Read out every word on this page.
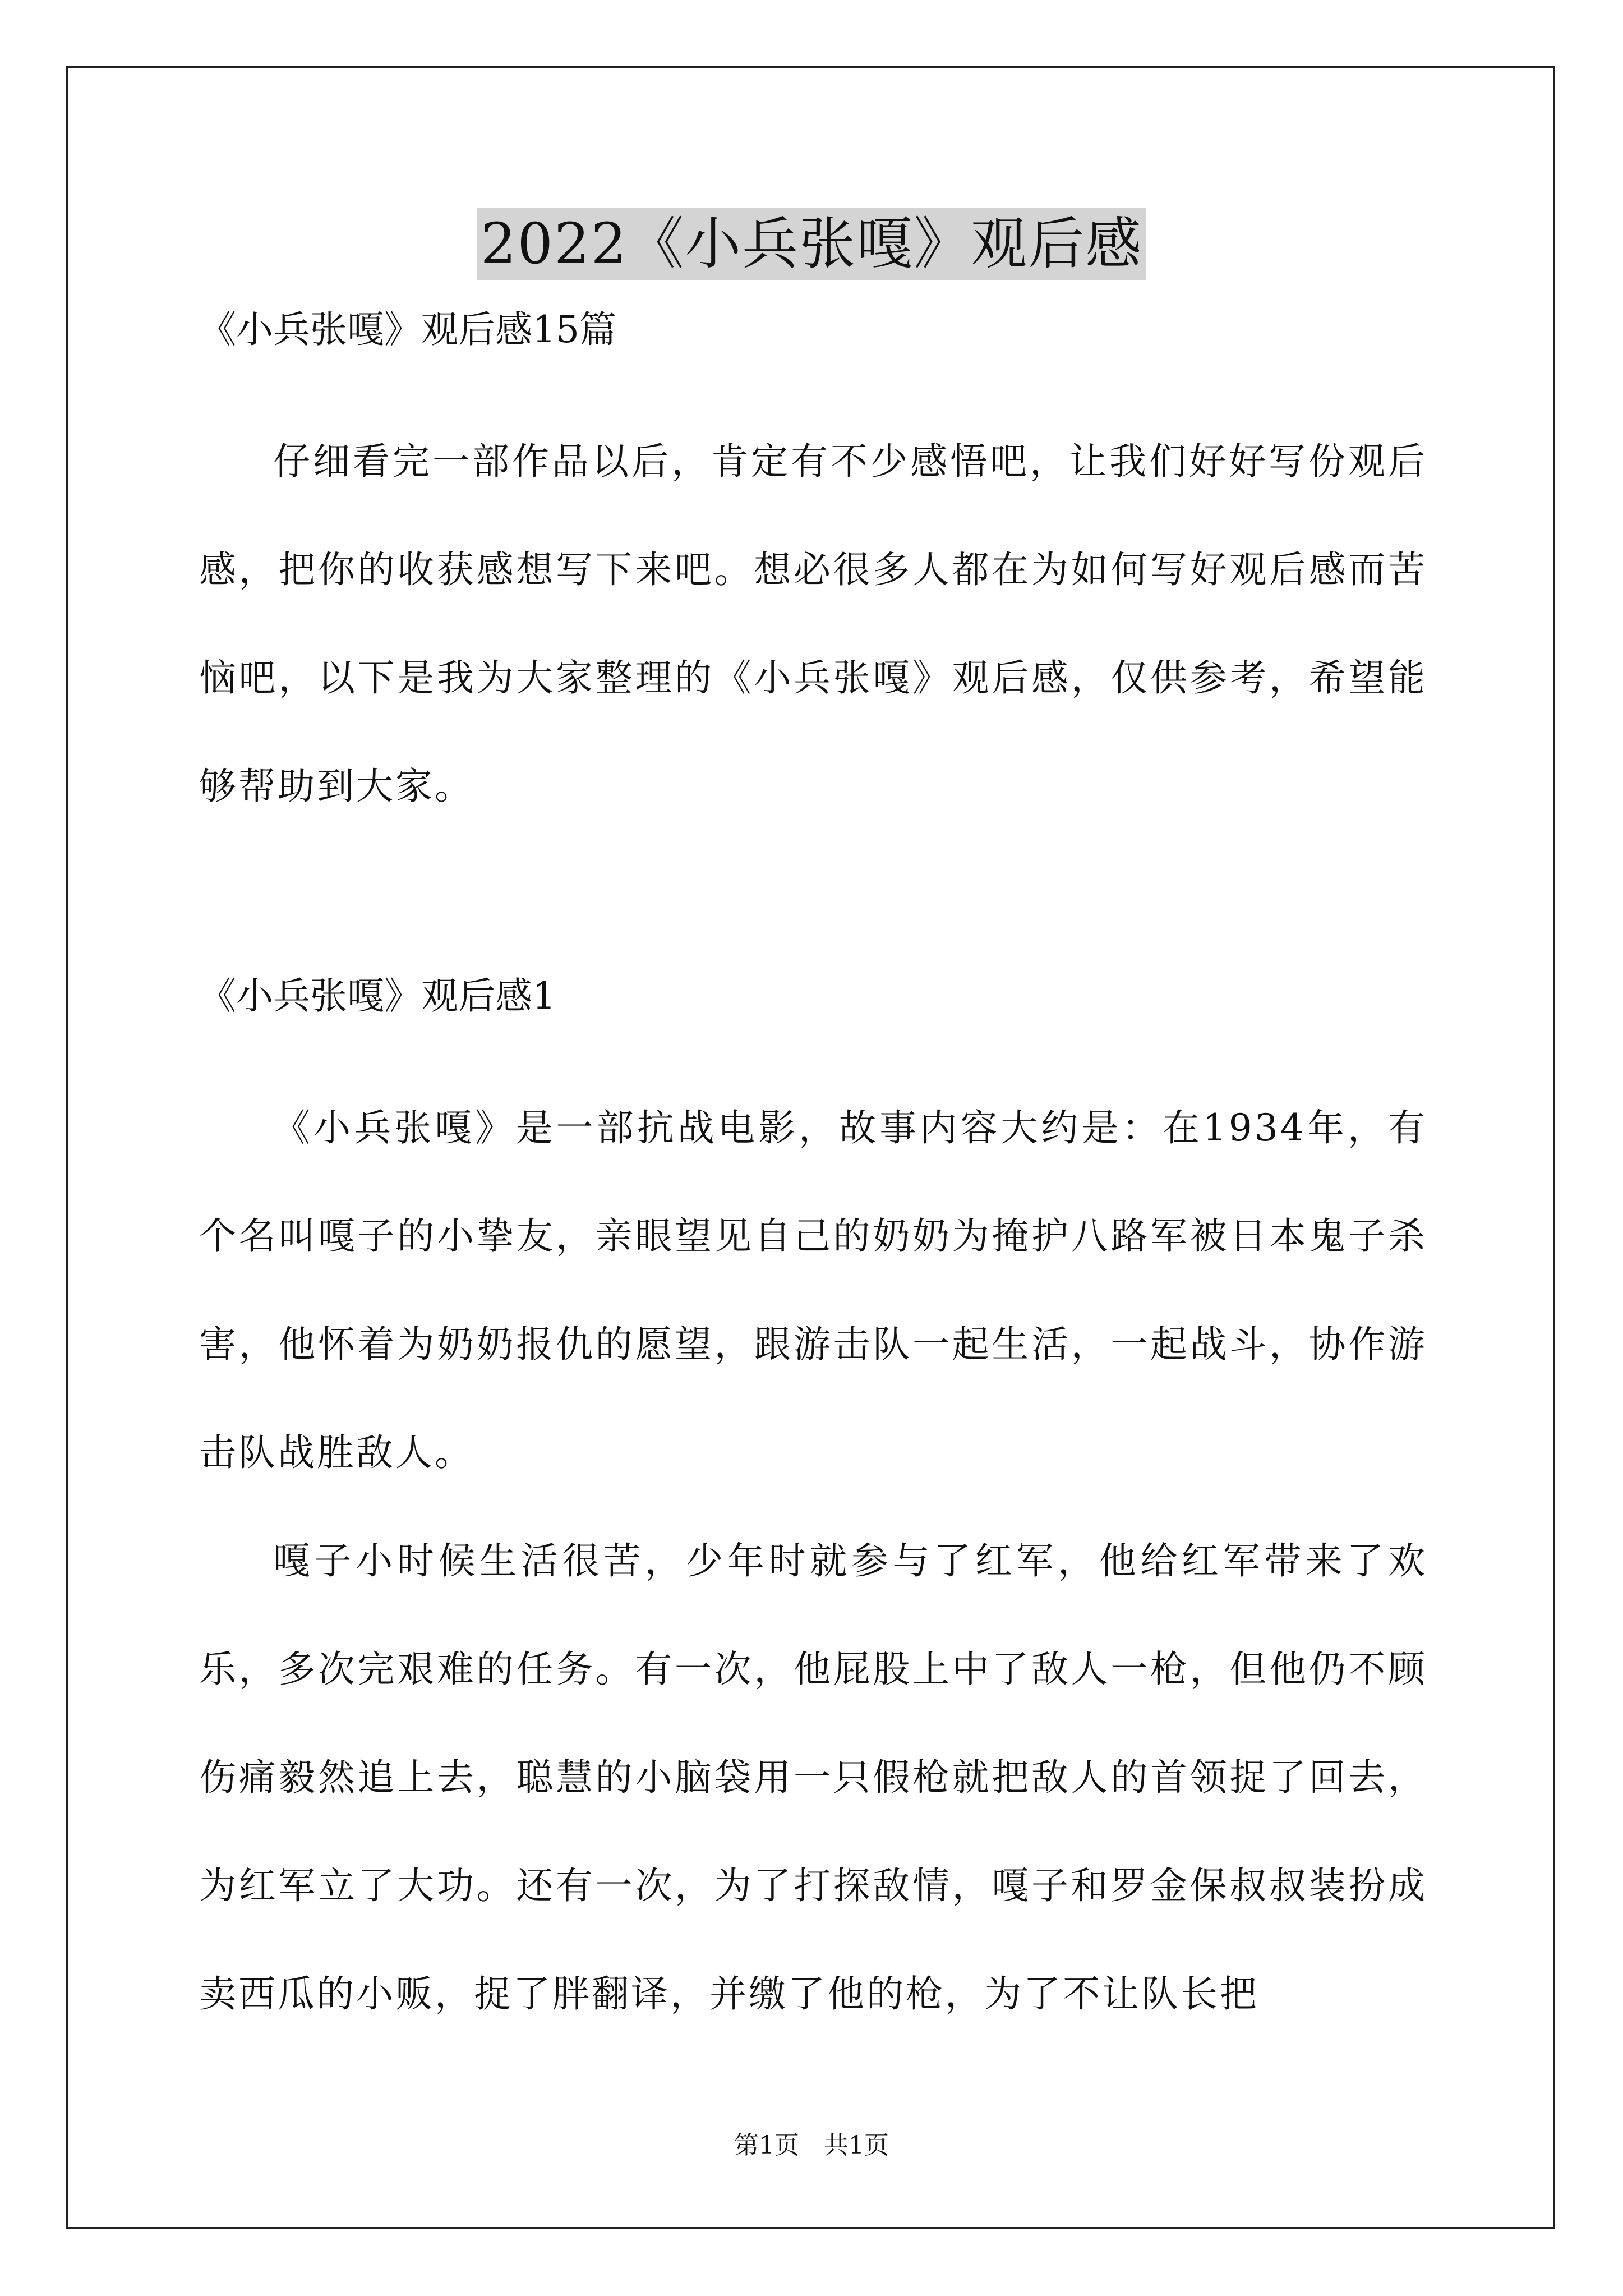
2022《小兵张嘎》观后感

《小兵张嘎》观后感15篇

仔细看完一部作品以后，肯定有不少感悟吧，让我们好好写份观后感，把你的收获感想写下来吧。想必很多人都在为如何写好观后感而苦恼吧，以下是我为大家整理的《小兵张嘎》观后感，仅供参考，希望能够帮助到大家。

《小兵张嘎》观后感1

《小兵张嘎》是一部抗战电影，故事内容大约是：在1934年，有个名叫嘎子的小挚友，亲眼望见自己的奶奶为掩护八路军被日本鬼子杀害，他怀着为奶奶报仇的愿望，跟游击队一起生活，一起战斗，协作游击队战胜敌人。

嘎子小时候生活很苦，少年时就参与了红军，他给红军带来了欢乐，多次完艰难的任务。有一次，他屁股上中了敌人一枪，但他仍不顾伤痛毅然追上去，聪慧的小脑袋用一只假枪就把敌人的首领捉了回去，为红军立了大功。还有一次，为了打探敌情，嘎子和罗金保叔叔装扮成卖西瓜的小贩，捉了胖翻译，并缴了他的枪，为了不让队长把

第1页　共1页
